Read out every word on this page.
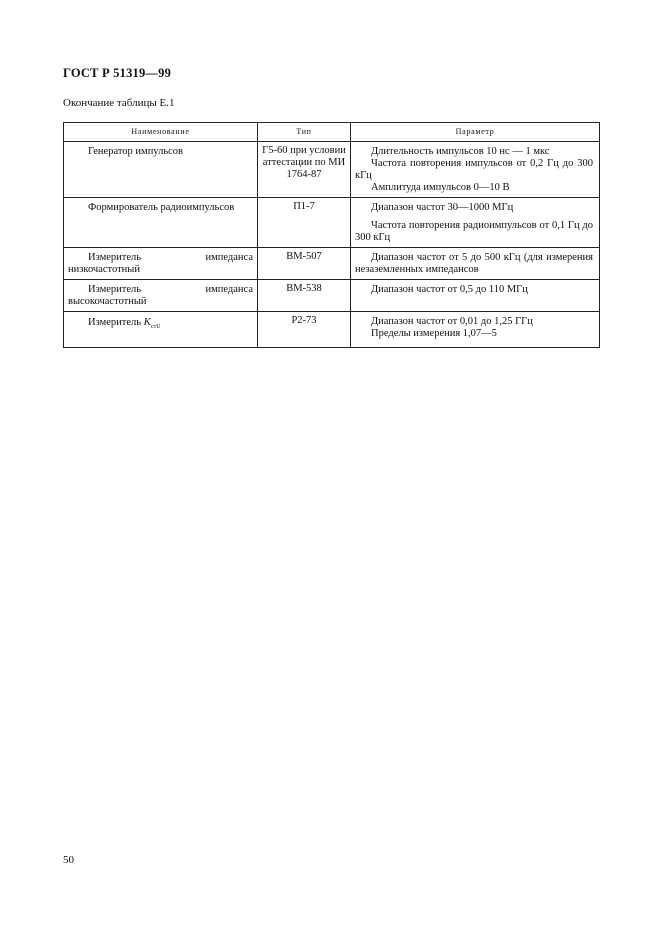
ГОСТ Р 51319—99
Окончание таблицы Е.1
Наименование	Тип	Параметр

Генератор импульсов	Г5-60 при условии аттестации по МИ 1764-87	Длительность импульсов 10 нс — 1 мкс
Частота повторения импульсов от 0,2 Гц до 300 кГц
Амплитуда импульсов 0—10 В

Формирователь радиоимпульсов	П1-7	Диапазон частот 30—1000 МГц
Частота повторения радиоимпульсов от 0,1 Гц до 300 кГц

Измеритель импеданса низкочастотный	ВМ-507	Диапазон частот от 5 до 500 кГц (для измерения незаземленных импедансов

Измеритель импеданса высокочастотный	ВМ-538	Диапазон частот от 0,5 до 110 МГц

Измеритель $K_{стU}$	Р2-73	Диапазон частот от 0,01 до 1,25 ГГц
Пределы измерения 1,07—5
50
